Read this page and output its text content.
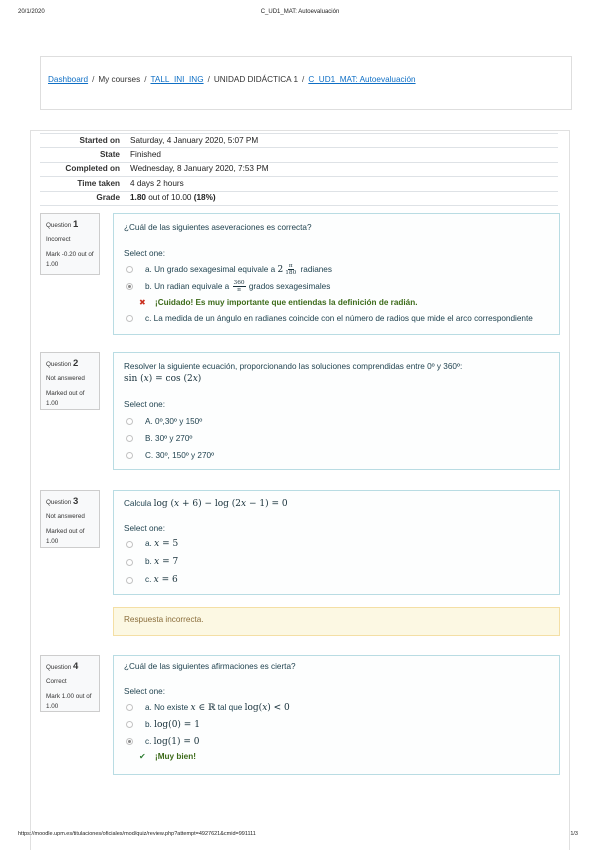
20/1/2020	C_UD1_MAT: Autoevaluación
Dashboard / My courses / TALL_INI_ING / UNIDAD DIDÁCTICA 1 / C_UD1_MAT: Autoevaluación
Started on	Saturday, 4 January 2020, 5:07 PM
State	Finished
Completed on	Wednesday, 8 January 2020, 7:53 PM
Time taken	4 days 2 hours
Grade	1.80 out of 10.00 (18%)
Question 1
Incorrect
Mark -0.20 out of 1.00
¿Cuál de las siguientes aseveraciones es correcta?
Select one:
a. Un grado sexagesimal equivale a $2 \frac{\pi}{180}$ radianes
b. Un radian equivale a $\frac{360}{\pi}$ grados sexagesimales
✖ ¡Cuidado! Es muy importante que entiendas la definición de radián.
c. La medida de un ángulo en radianes coincide con el número de radios que mide el arco correspondiente
Question 2
Not answered
Marked out of 1.00
Resolver la siguiente ecuación, proporcionando las soluciones comprendidas entre 0º y 360º:
sin (x) = cos (2x)
Select one:
A. 0º,30º y 150º
B. 30º y 270º
C. 30º, 150º y 270º
Question 3
Not answered
Marked out of 1.00
Calcula log (x + 6) − log (2x − 1) = 0
Select one:
a. x = 5
b. x = 7
c. x = 6
Respuesta incorrecta.
Question 4
Correct
Mark 1.00 out of 1.00
¿Cuál de las siguientes afirmaciones es cierta?
Select one:
a. No existe x ∈ ℝ tal que log(x) < 0
b. log(0) = 1
c. log(1) = 0
✔ ¡Muy bien!
https://moodle.upm.es/titulaciones/oficiales/mod/quiz/review.php?attempt=4927621&cmid=991111	1/3
